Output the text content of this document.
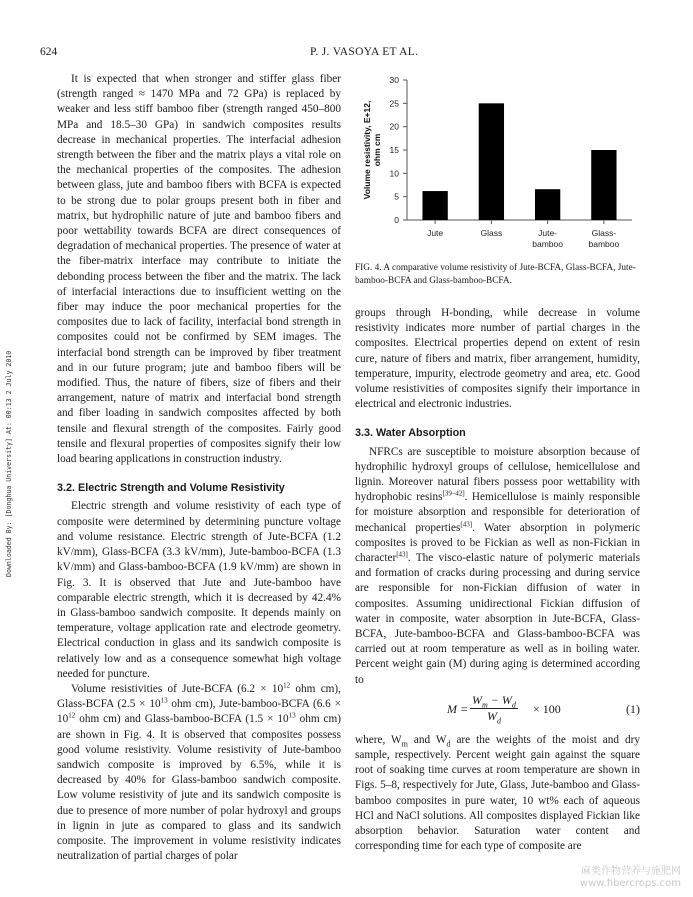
624	P. J. VASOYA ET AL.
Downloaded By: [Donghua University] At: 00:13 2 July 2010

It is expected that when stronger and stiffer glass fiber (strength ranged ≈ 1470 MPa and 72 GPa) is replaced by weaker and less stiff bamboo fiber (strength ranged 450–800 MPa and 18.5–30 GPa) in sandwich composites results decrease in mechanical properties. The interfacial adhesion strength between the fiber and the matrix plays a vital role on the mechanical properties of the composites. The adhesion between glass, jute and bamboo fibers with BCFA is expected to be strong due to polar groups present both in fiber and matrix, but hydrophilic nature of jute and bamboo fibers and poor wettability towards BCFA are direct consequences of degradation of mechanical properties. The presence of water at the fiber-matrix interface may contribute to initiate the debonding process between the fiber and the matrix. The lack of interfacial interactions due to insufficient wetting on the fiber may induce the poor mechanical properties for the composites due to lack of facility, interfacial bond strength in composites could not be confirmed by SEM images. The interfacial bond strength can be improved by fiber treatment and in our future program; jute and bamboo fibers will be modified. Thus, the nature of fibers, size of fibers and their arrangement, nature of matrix and interfacial bond strength and fiber loading in sandwich composites affected by both tensile and flexural strength of the composites. Fairly good tensile and flexural properties of composites signify their low load bearing applications in construction industry.

3.2. Electric Strength and Volume Resistivity

Electric strength and volume resistivity of each type of composite were determined by determining puncture voltage and volume resistance. Electric strength of Jute-BCFA (1.2 kV/mm), Glass-BCFA (3.3 kV/mm), Jute-bamboo-BCFA (1.3 kV/mm) and Glass-bamboo-BCFA (1.9 kV/mm) are shown in Fig. 3. It is observed that Jute and Jute-bamboo have comparable electric strength, which it is decreased by 42.4% in Glass-bamboo sandwich composite. It depends mainly on temperature, voltage application rate and electrode geometry. Electrical conduction in glass and its sandwich composite is relatively low and as a consequence somewhat high voltage needed for puncture.

Volume resistivities of Jute-BCFA ($6.2 \times 10^{12}$ ohm cm), Glass-BCFA ($2.5 \times 10^{13}$ ohm cm), Jute-bamboo-BCFA ($6.6 \times 10^{12}$ ohm cm) and Glass-bamboo-BCFA ($1.5 \times 10^{13}$ ohm cm) are shown in Fig. 4. It is observed that composites possess good volume resistivity. Volume resistivity of Jute-bamboo sandwich composite is improved by 6.5%, while it is decreased by 40% for Glass-bamboo sandwich composite. Low volume resistivity of jute and its sandwich composite is due to presence of more number of polar hydroxyl and groups in lignin in jute as compared to glass and its sandwich composite. The improvement in volume resistivity indicates neutralization of partial charges of polar

0
5
10
15
20
25
30
Volume resistivity, E+12, ohm cm
Jute	Glass	Jute-
bamboo
Glass-
bamboo
FIG. 4. A comparative volume resistivity of Jute-BCFA, Glass-BCFA, Jute-bamboo-BCFA and Glass-bamboo-BCFA.

groups through H-bonding, while decrease in volume resistivity indicates more number of partial charges in the composites. Electrical properties depend on extent of resin cure, nature of fibers and matrix, fiber arrangement, humidity, temperature, impurity, electrode geometry and area, etc. Good volume resistivities of composites signify their importance in electrical and electronic industries.

3.3. Water Absorption

NFRCs are susceptible to moisture absorption because of hydrophilic hydroxyl groups of cellulose, hemicellulose and lignin. Moreover natural fibers possess poor wettability with hydrophobic resins[39–42]. Hemicellulose is mainly responsible for moisture absorption and responsible for deterioration of mechanical properties[43]. Water absorption in polymeric composites is proved to be Fickian as well as non-Fickian in character[43]. The visco-elastic nature of polymeric materials and formation of cracks during processing and during service are responsible for non-Fickian diffusion of water in composites. Assuming unidirectional Fickian diffusion of water in composite, water absorption in Jute-BCFA, Glass-BCFA, Jute-bamboo-BCFA and Glass-bamboo-BCFA was carried out at room temperature as well as in boiling water. Percent weight gain (M) during aging is determined according to

$M = \frac{W_m - W_d}{W_d} \times 100$	(1)

where, $W_m$ and $W_d$ are the weights of the moist and dry sample, respectively. Percent weight gain against the square root of soaking time curves at room temperature are shown in Figs. 5–8, respectively for Jute, Glass, Jute-bamboo and Glass-bamboo composites in pure water, 10 wt% each of aqueous HCl and NaCl solutions. All composites displayed Fickian like absorption behavior. Saturation water content and corresponding time for each type of composite are

麻类作物营养与施肥网
www.fibercrops.com
